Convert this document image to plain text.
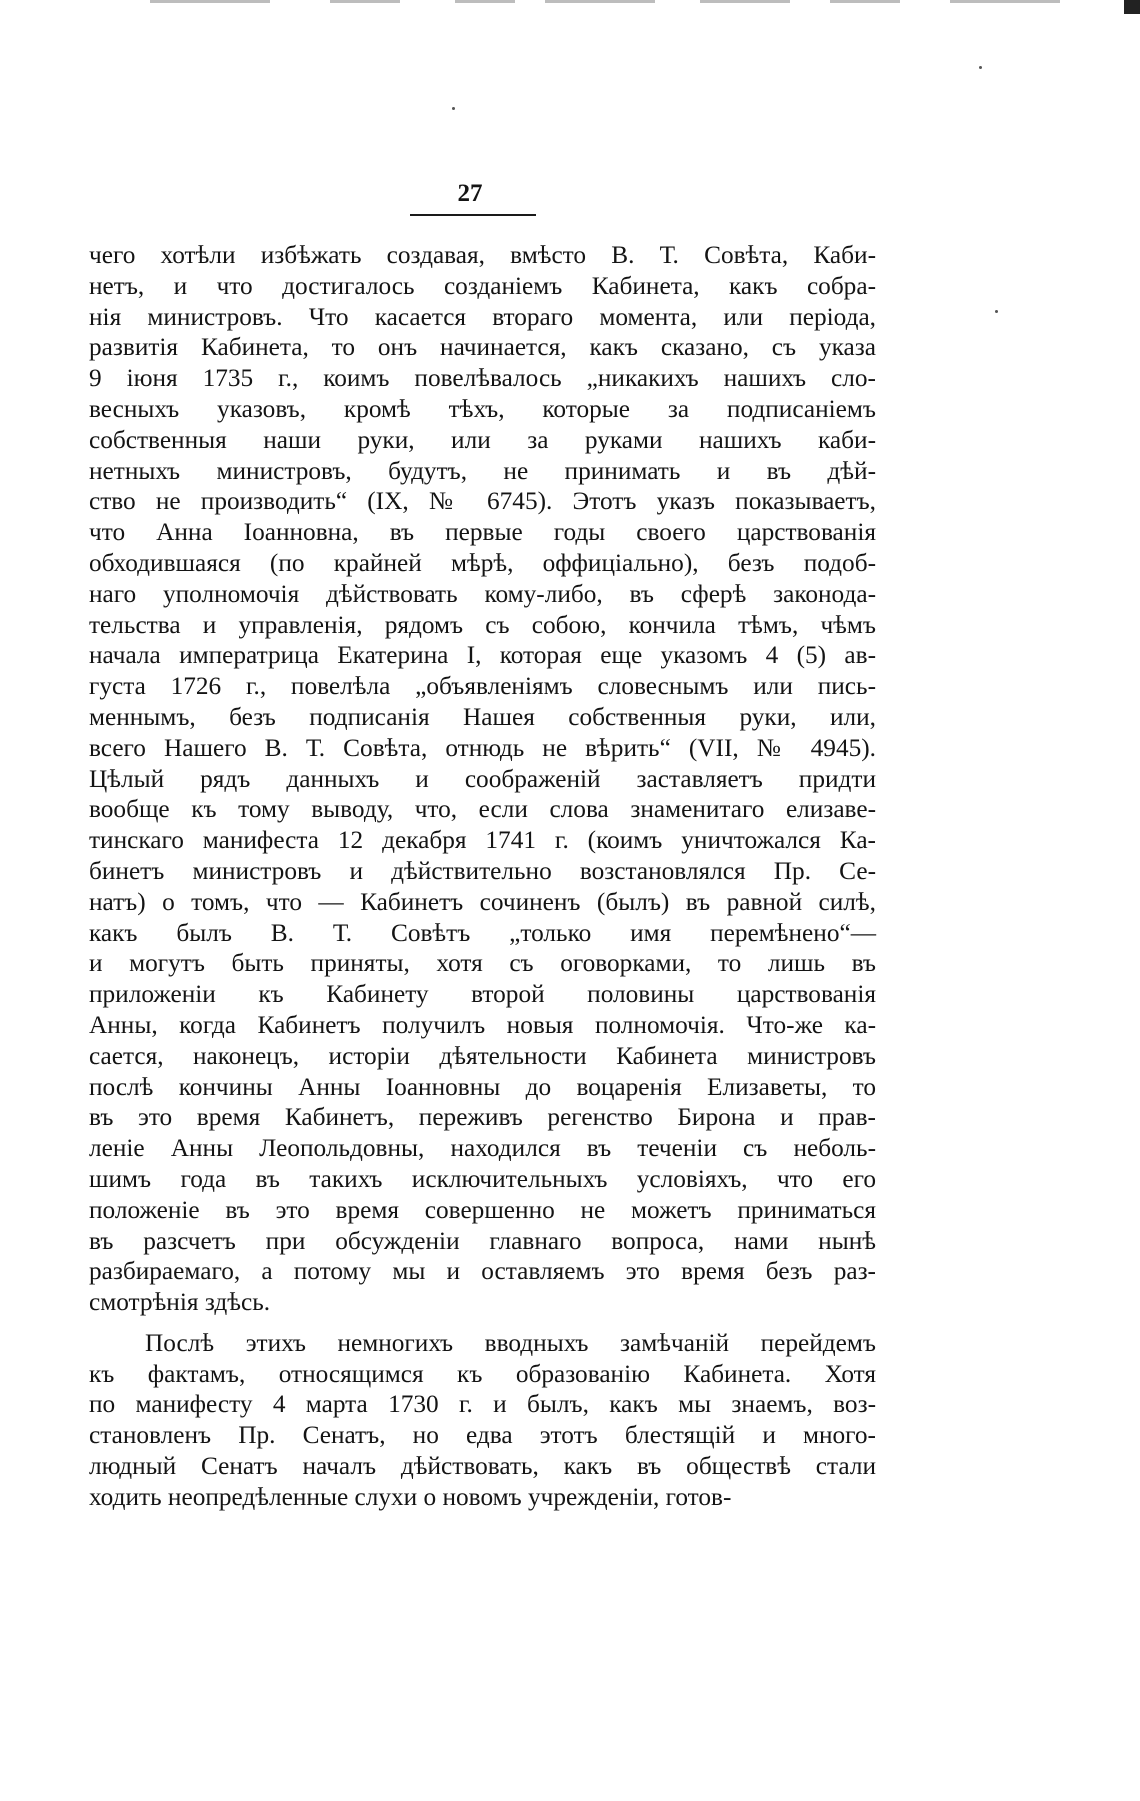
27
чего хотѣли избѣжать создавая, вмѣсто В. Т. Совѣта, Каби-
нетъ, и что достигалось созданіемъ Кабинета, какъ собра-
нія министровъ. Что касается втораго момента, или періода,
развитія Кабинета, то онъ начинается, какъ сказано, съ указа
9 іюня 1735 г., коимъ повелѣвалось „никакихъ нашихъ сло-
весныхъ указовъ, кромѣ тѣхъ, которые за подписаніемъ
собственныя наши руки, или за руками нашихъ каби-
нетныхъ министровъ, будутъ, не принимать и въ дѣй-
ство не производить“ (IX, № 6745). Этотъ указъ показываетъ,
что Анна Іоанновна, въ первые годы своего царствованія
обходившаяся (по крайней мѣрѣ, оффиціально), безъ подоб-
наго уполномочія дѣйствовать кому-либо, въ сферѣ законода-
тельства и управленія, рядомъ съ собою, кончила тѣмъ, чѣмъ
начала императрица Екатерина I, которая еще указомъ 4 (5) ав-
густа 1726 г., повелѣла „объявленіямъ словеснымъ или пись-
меннымъ, безъ подписанія Нашея собственныя руки, или,
всего Нашего В. Т. Совѣта, отнюдь не вѣрить“ (VII, № 4945).
Цѣлый рядъ данныхъ и соображеній заставляетъ придти
вообще къ тому выводу, что, если слова знаменитаго елизаве-
тинскаго манифеста 12 декабря 1741 г. (коимъ уничтожался Ка-
бинетъ министровъ и дѣйствительно возстановлялся Пр. Се-
натъ) о томъ, что — Кабинетъ сочиненъ (былъ) въ равной силѣ,
какъ былъ В. Т. Совѣтъ „только имя перемѣнено“—
и могутъ быть приняты, хотя съ оговорками, то лишь въ
приложеніи къ Кабинету второй половины царствованія
Анны, когда Кабинетъ получилъ новыя полномочія. Что-же ка-
сается, наконецъ, исторіи дѣятельности Кабинета министровъ
послѣ кончины Анны Іоанновны до воцаренія Елизаветы, то
въ это время Кабинетъ, переживъ регенство Бирона и прав-
леніе Анны Леопольдовны, находился въ теченіи съ неболь-
шимъ года въ такихъ исключительныхъ условіяхъ, что его
положеніе въ это время совершенно не можетъ приниматься
въ разсчетъ при обсужденіи главнаго вопроса, нами нынѣ
разбираемаго, а потому мы и оставляемъ это время безъ раз-
смотрѣнія здѣсь.
Послѣ этихъ немногихъ вводныхъ замѣчаній перейдемъ
къ фактамъ, относящимся къ образованію Кабинета. Хотя
по манифесту 4 марта 1730 г. и былъ, какъ мы знаемъ, воз-
становленъ Пр. Сенатъ, но едва этотъ блестящій и много-
людный Сенатъ началъ дѣйствовать, какъ въ обществѣ стали
ходить неопредѣленные слухи о новомъ учрежденіи, готов-
